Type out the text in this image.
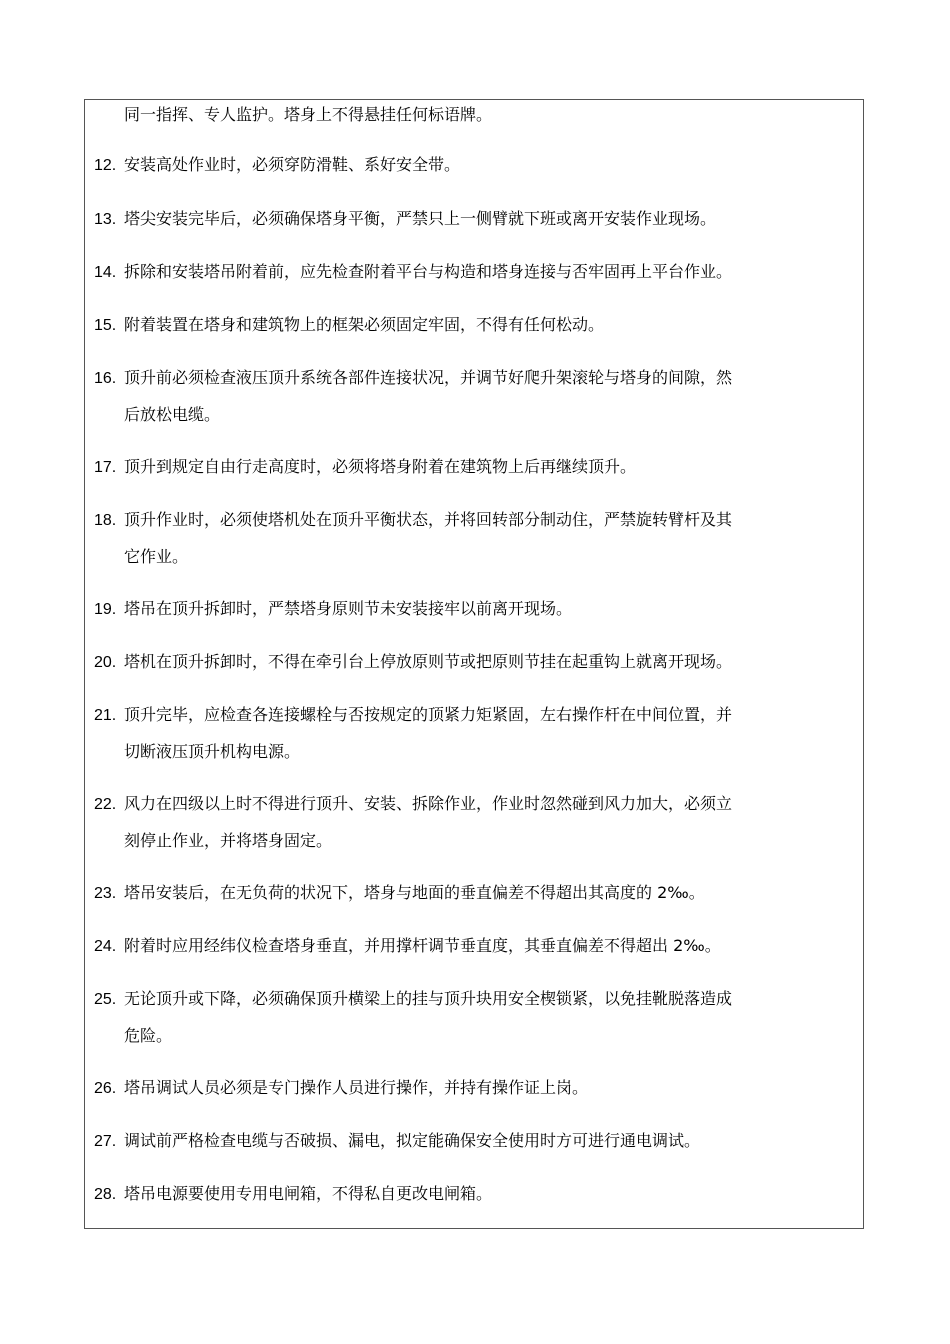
同一指挥、专人监护。塔身上不得悬挂任何标语牌。
12. 安装高处作业时，必须穿防滑鞋、系好安全带。
13. 塔尖安装完毕后，必须确保塔身平衡，严禁只上一侧臂就下班或离开安装作业现场。
14. 拆除和安装塔吊附着前，应先检查附着平台与构造和塔身连接与否牢固再上平台作业。
15. 附着装置在塔身和建筑物上的框架必须固定牢固，不得有任何松动。
16. 顶升前必须检查液压顶升系统各部件连接状况，并调节好爬升架滚轮与塔身的间隙，然
后放松电缆。
17. 顶升到规定自由行走高度时，必须将塔身附着在建筑物上后再继续顶升。
18. 顶升作业时，必须使塔机处在顶升平衡状态，并将回转部分制动住，严禁旋转臂杆及其
它作业。
19. 塔吊在顶升拆卸时，严禁塔身原则节未安装接牢以前离开现场。
20. 塔机在顶升拆卸时，不得在牵引台上停放原则节或把原则节挂在起重钩上就离开现场。
21. 顶升完毕，应检查各连接螺栓与否按规定的顶紧力矩紧固，左右操作杆在中间位置，并
切断液压顶升机构电源。
22. 风力在四级以上时不得进行顶升、安装、拆除作业，作业时忽然碰到风力加大，必须立
刻停止作业，并将塔身固定。
23. 塔吊安装后，在无负荷的状况下，塔身与地面的垂直偏差不得超出其高度的 2‰。
24. 附着时应用经纬仪检查塔身垂直，并用撑杆调节垂直度，其垂直偏差不得超出 2‰。
25. 无论顶升或下降，必须确保顶升横梁上的挂与顶升块用安全楔锁紧，以免挂靴脱落造成
危险。
26. 塔吊调试人员必须是专门操作人员进行操作，并持有操作证上岗。
27. 调试前严格检查电缆与否破损、漏电，拟定能确保安全使用时方可进行通电调试。
28. 塔吊电源要使用专用电闸箱，不得私自更改电闸箱。
